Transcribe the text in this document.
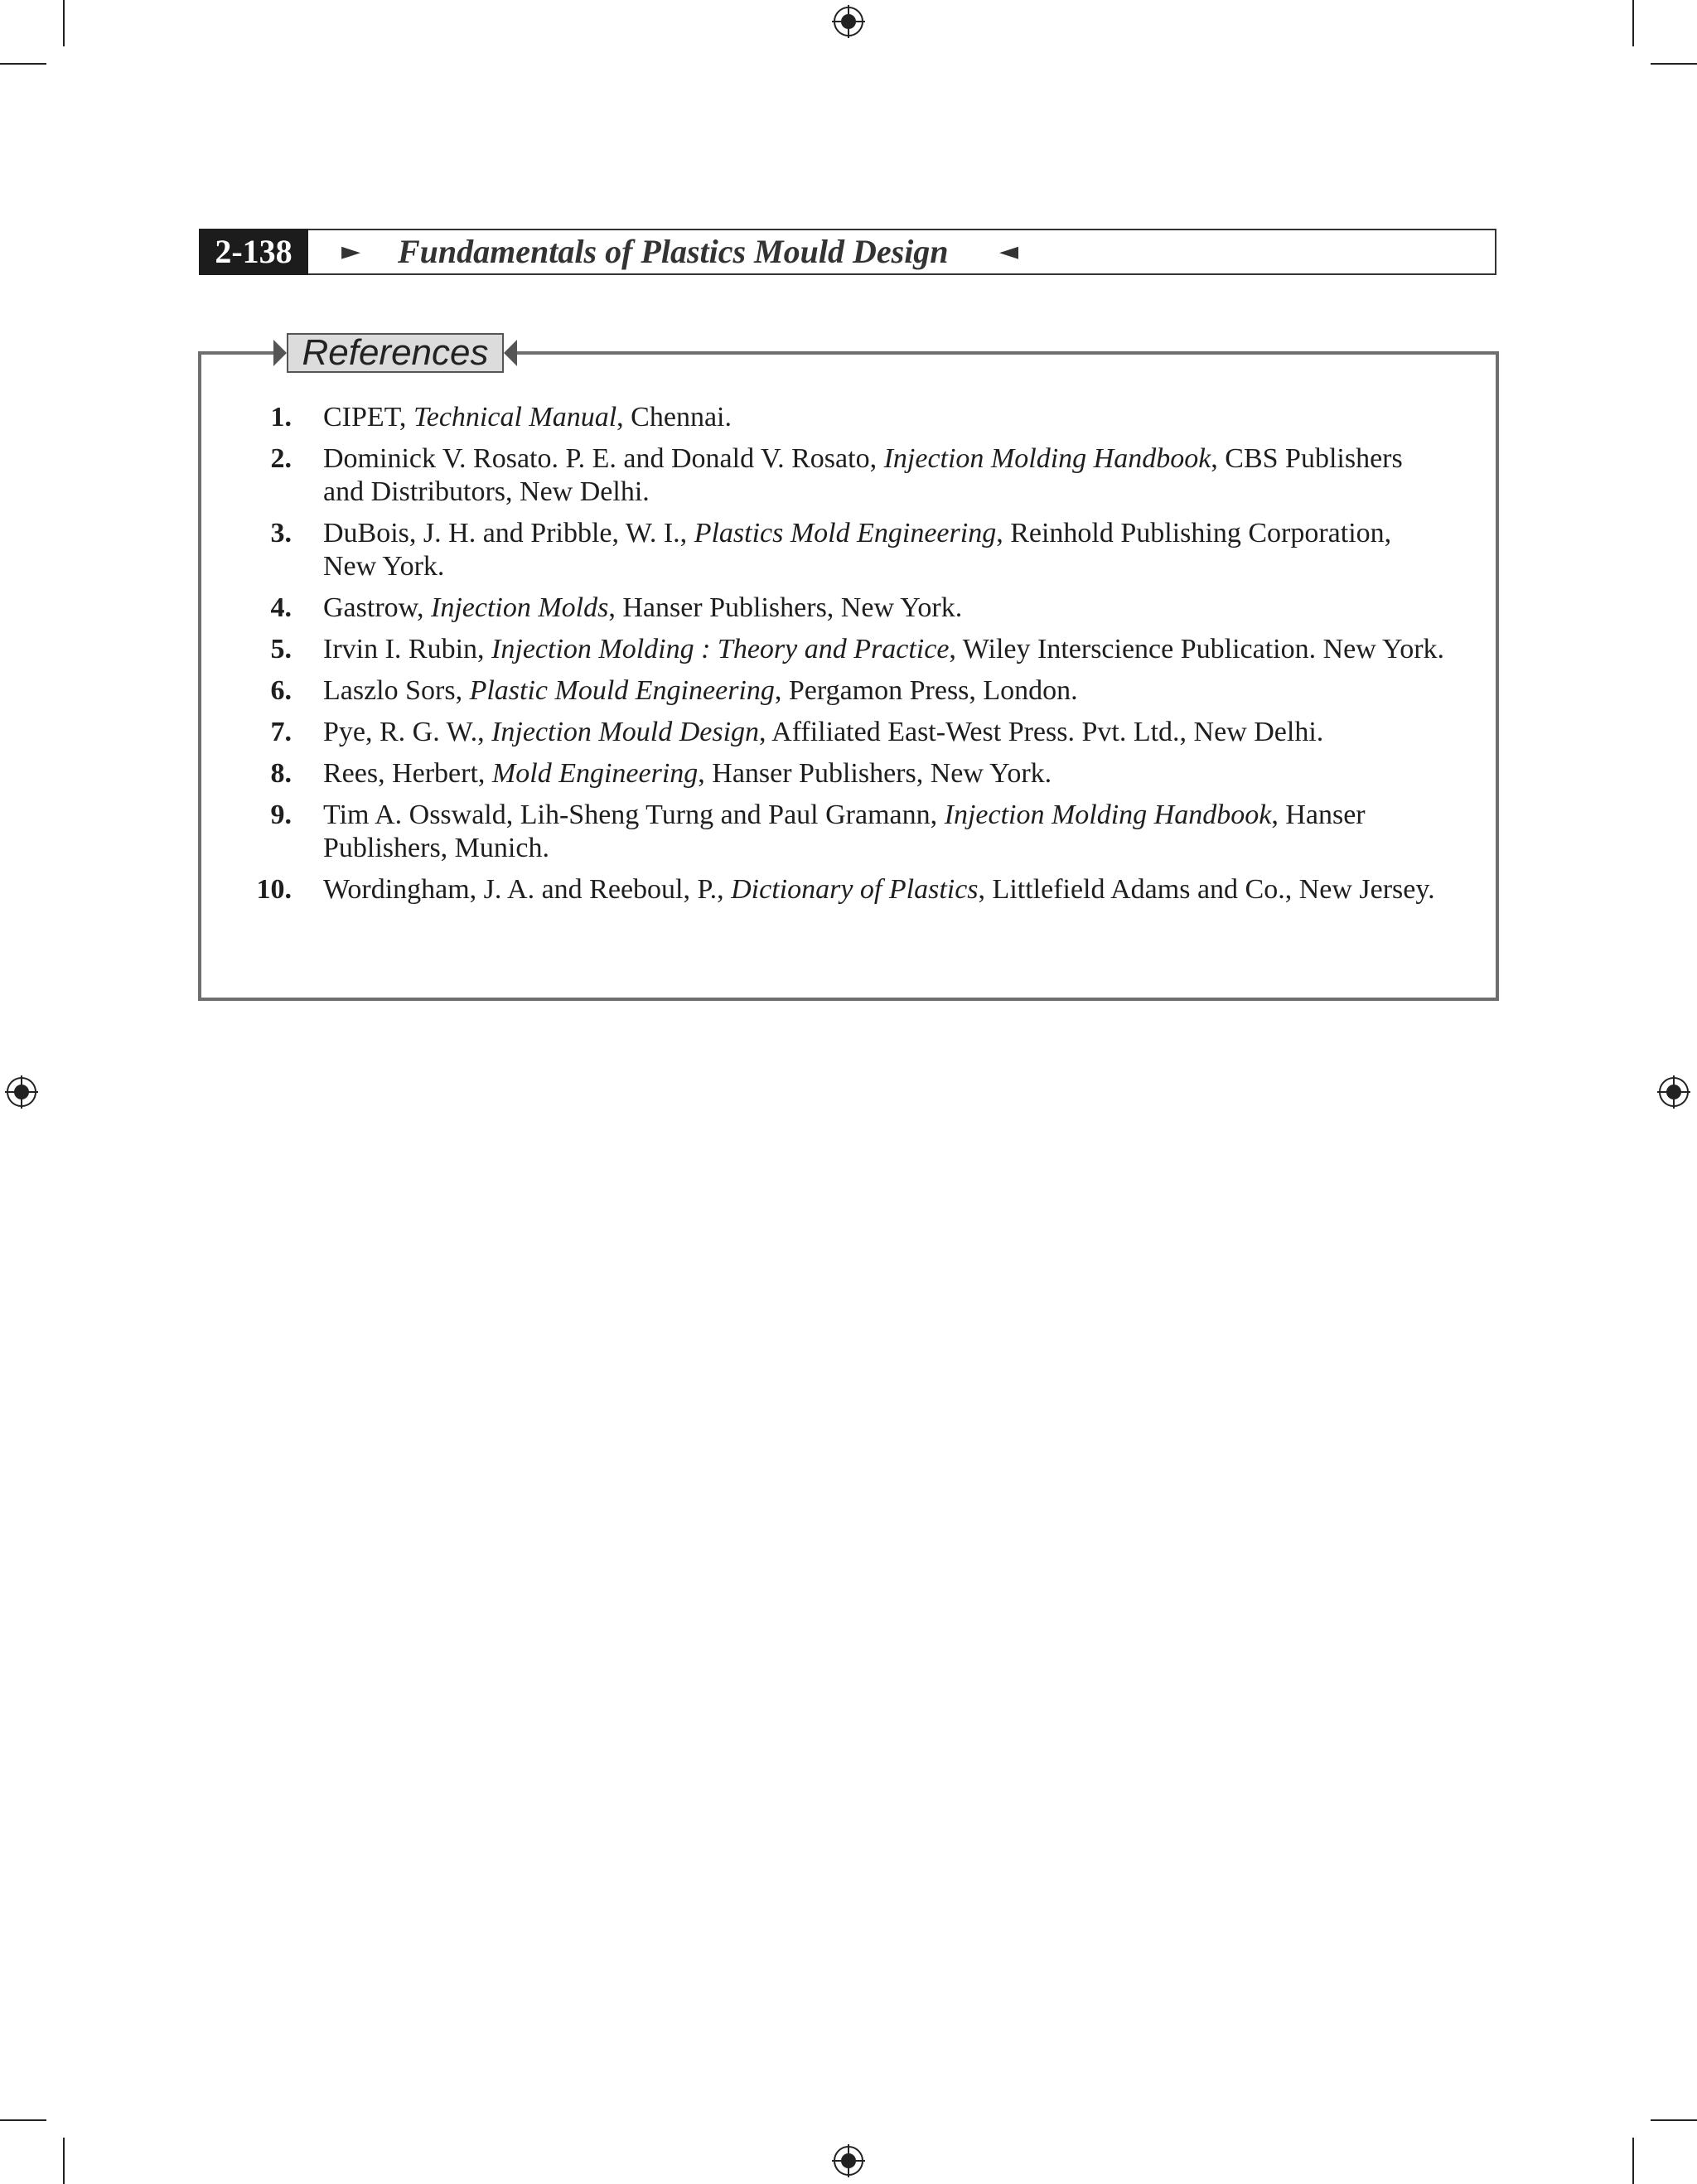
2-138	► Fundamentals of Plastics Mould Design ◄
References
1. CIPET, Technical Manual, Chennai.
2. Dominick V. Rosato. P. E. and Donald V. Rosato, Injection Molding Handbook, CBS Publishers and Distributors, New Delhi.
3. DuBois, J. H. and Pribble, W. I., Plastics Mold Engineering, Reinhold Publishing Corporation, New York.
4. Gastrow, Injection Molds, Hanser Publishers, New York.
5. Irvin I. Rubin, Injection Molding : Theory and Practice, Wiley Interscience Publication. New York.
6. Laszlo Sors, Plastic Mould Engineering, Pergamon Press, London.
7. Pye, R. G. W., Injection Mould Design, Affiliated East-West Press. Pvt. Ltd., New Delhi.
8. Rees, Herbert, Mold Engineering, Hanser Publishers, New York.
9. Tim A. Osswald, Lih-Sheng Turng and Paul Gramann, Injection Molding Handbook, Hanser Publishers, Munich.
10. Wordingham, J. A. and Reeboul, P., Dictionary of Plastics, Littlefield Adams and Co., New Jersey.
